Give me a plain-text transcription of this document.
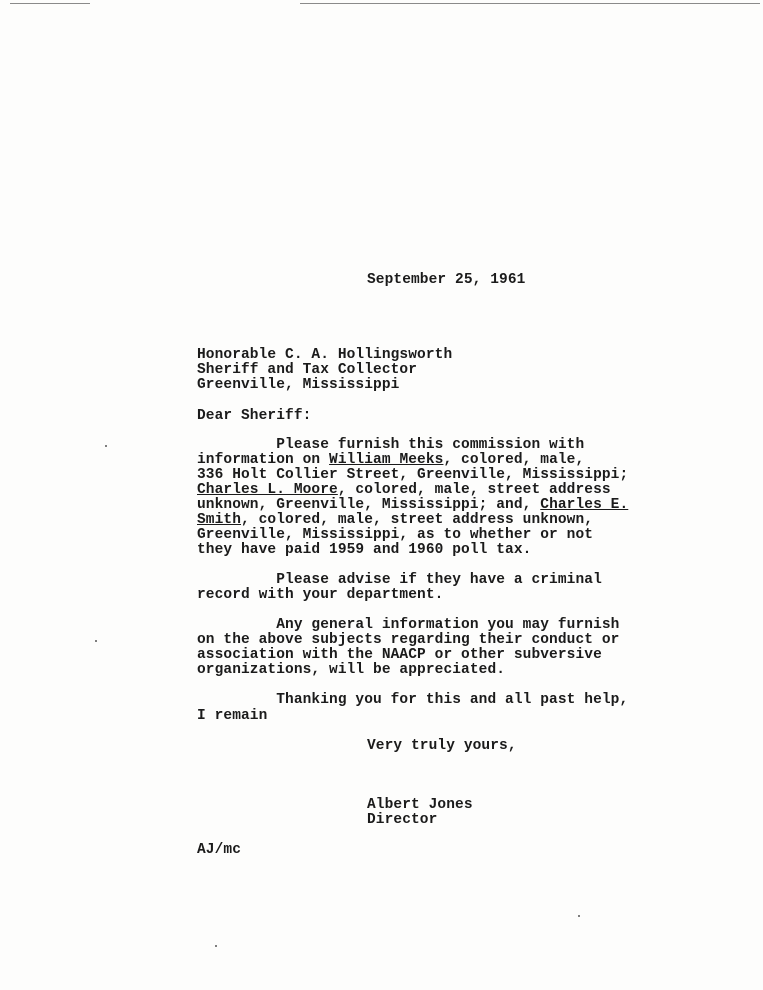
September 25, 1961
Honorable C. A. Hollingsworth
Sheriff and Tax Collector
Greenville, Mississippi
Dear Sheriff:
Please furnish this commission with
information on William Meeks, colored, male,
336 Holt Collier Street, Greenville, Mississippi;
Charles L. Moore, colored, male, street address
unknown, Greenville, Mississippi; and, Charles E.
Smith, colored, male, street address unknown,
Greenville, Mississippi, as to whether or not
they have paid 1959 and 1960 poll tax.
Please advise if they have a criminal
record with your department.
Any general information you may furnish
on the above subjects regarding their conduct or
association with the NAACP or other subversive
organizations, will be appreciated.
Thanking you for this and all past help,
I remain
Very truly yours,
Albert Jones
Director
AJ/mc
